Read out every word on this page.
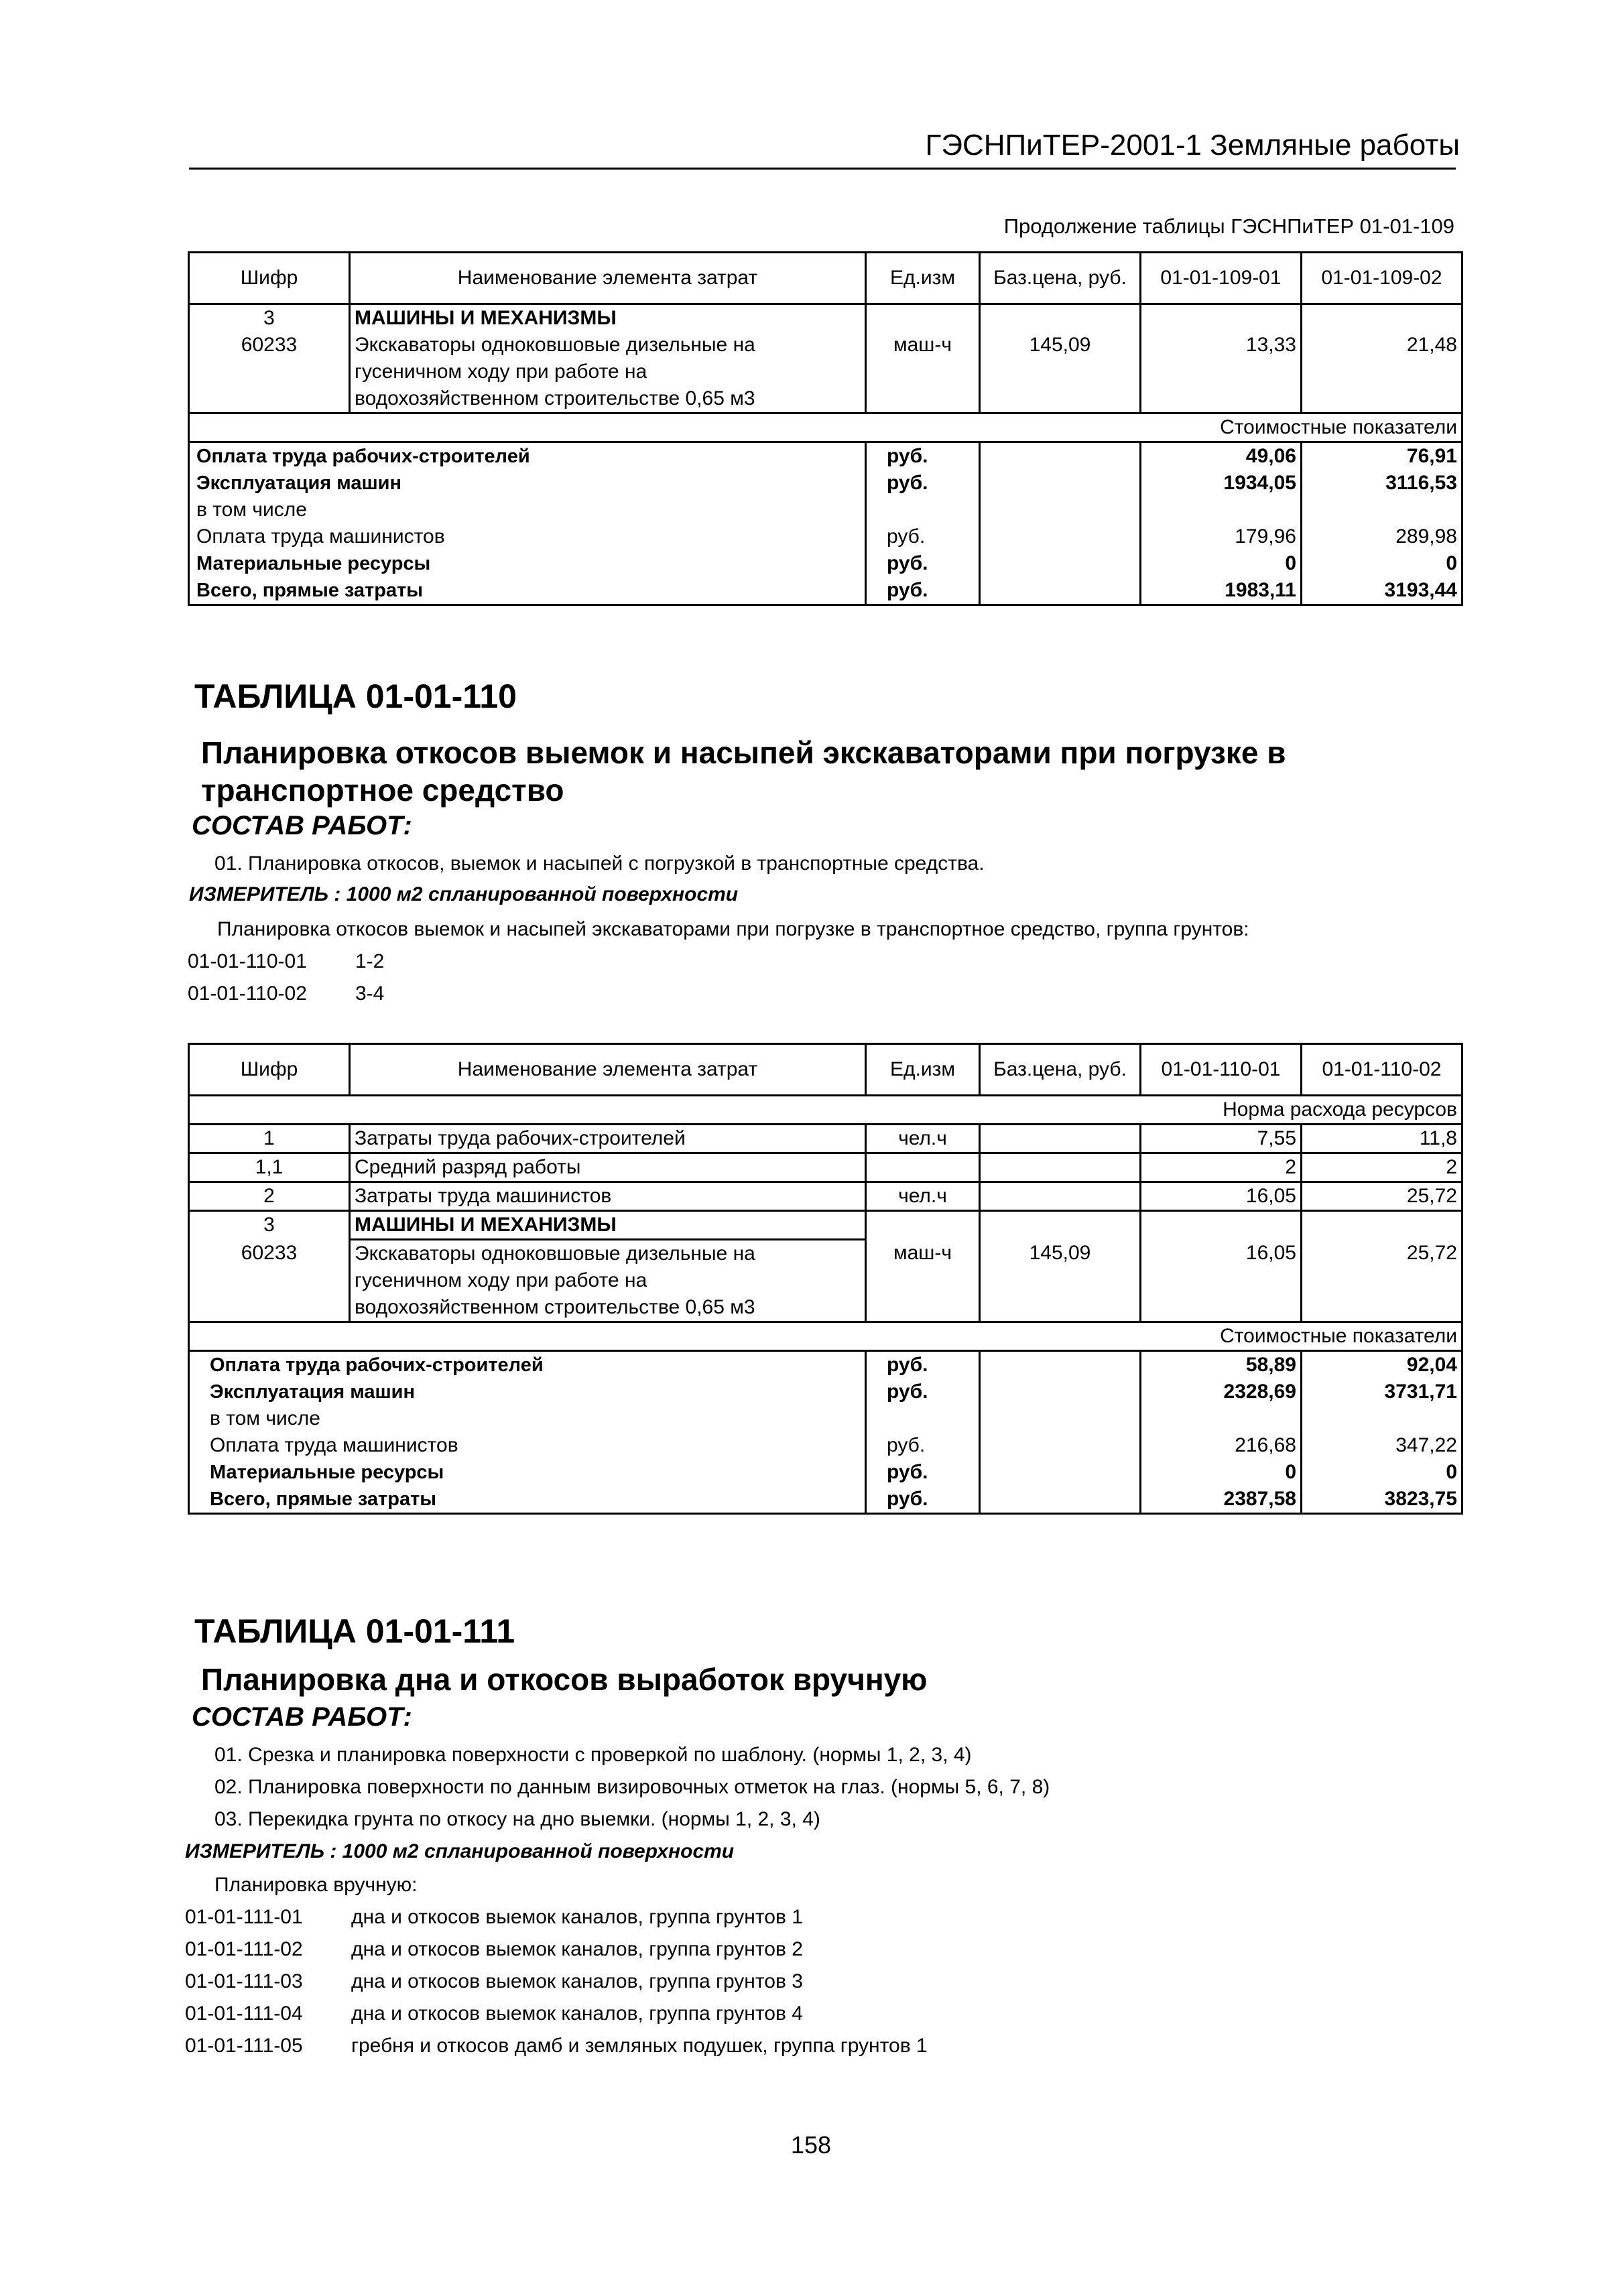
ГЭСНПиТЕР-2001-1 Земляные работы
Продолжение таблицы ГЭСНПиТЕР 01-01-109
Шифр	Наименование элемента затрат	Ед.изм	Баз.цена, руб.	01-01-109-01	01-01-109-02
3	МАШИНЫ И МЕХАНИЗМЫ				
60233	Экскаваторы одноковшовые дизельные на
гусеничном ходу при работе на
водохозяйственном строительстве 0,65 м3	маш-ч	145,09	13,33	21,48
Стоимостные показатели					
Оплата труда рабочих-строителей		руб.		49,06	76,91
Эксплуатация машин		руб.		1934,05	3116,53
в том числе					
Оплата труда машинистов		руб.		179,96	289,98
Материальные ресурсы		руб.		0	0
Всего, прямые затраты		руб.		1983,11	3193,44
ТАБЛИЦА 01-01-110
Планировка откосов выемок и насыпей экскаваторами при погрузке в транспортное средство
СОСТАВ РАБОТ:
01. Планировка откосов, выемок и насыпей с погрузкой в транспортные средства.
ИЗМЕРИТЕЛЬ : 1000 м2 спланированной поверхности
Планировка откосов выемок и насыпей экскаваторами при погрузке в транспортное средство, группа грунтов:
01-01-110-01 1-2
01-01-110-02 3-4
Шифр	Наименование элемента затрат	Ед.изм	Баз.цена, руб.	01-01-110-01	01-01-110-02
Норма расхода ресурсов					
1	Затраты труда рабочих-строителей	чел.ч		7,55	11,8
1,1	Средний разряд работы			2	2
2	Затраты труда машинистов	чел.ч		16,05	25,72
3	МАШИНЫ И МЕХАНИЗМЫ				
60233	Экскаваторы одноковшовые дизельные на
гусеничном ходу при работе на
водохозяйственном строительстве 0,65 м3	маш-ч	145,09	16,05	25,72
Стоимостные показатели					
Оплата труда рабочих-строителей		руб.		58,89	92,04
Эксплуатация машин		руб.		2328,69	3731,71
в том числе					
Оплата труда машинистов		руб.		216,68	347,22
Материальные ресурсы		руб.		0	0
Всего, прямые затраты		руб.		2387,58	3823,75
ТАБЛИЦА 01-01-111
Планировка дна и откосов выработок вручную
СОСТАВ РАБОТ:
01. Срезка и планировка поверхности с проверкой по шаблону. (нормы 1, 2, 3, 4)
02. Планировка поверхности по данным визировочных отметок на глаз. (нормы 5, 6, 7, 8)
03. Перекидка грунта по откосу на дно выемки. (нормы 1, 2, 3, 4)
ИЗМЕРИТЕЛЬ : 1000 м2 спланированной поверхности
Планировка вручную:
01-01-111-01 дна и откосов выемок каналов, группа грунтов 1
01-01-111-02 дна и откосов выемок каналов, группа грунтов 2
01-01-111-03 дна и откосов выемок каналов, группа грунтов 3
01-01-111-04 дна и откосов выемок каналов, группа грунтов 4
01-01-111-05 гребня и откосов дамб и земляных подушек, группа грунтов 1
158
